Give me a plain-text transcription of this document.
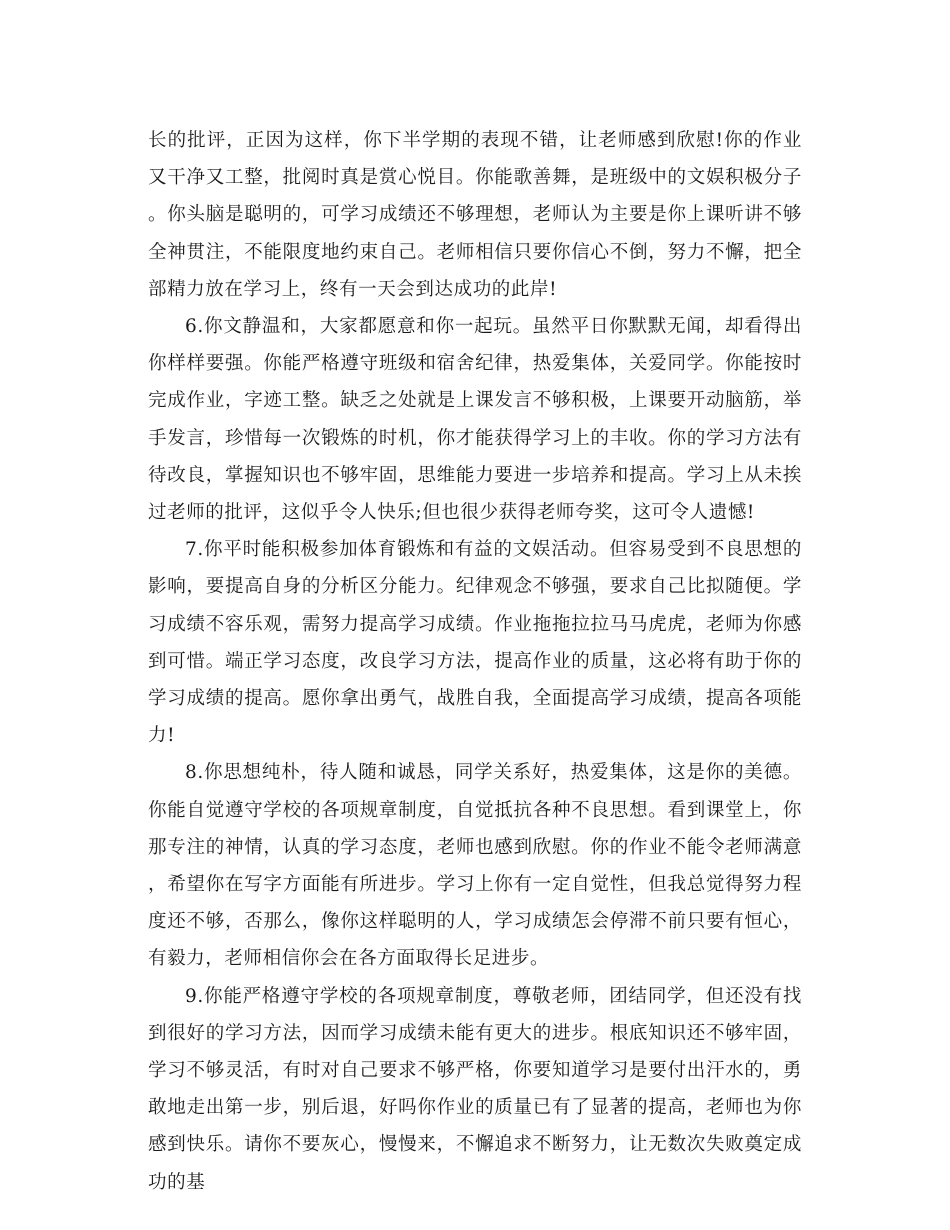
长的批评，正因为这样，你下半学期的表现不错，让老师感到欣慰!你的作业又干净又工整，批阅时真是赏心悦目。你能歌善舞，是班级中的文娱积极分子。你头脑是聪明的，可学习成绩还不够理想，老师认为主要是你上课听讲不够全神贯注，不能限度地约束自己。老师相信只要你信心不倒，努力不懈，把全部精力放在学习上，终有一天会到达成功的此岸!

6.你文静温和，大家都愿意和你一起玩。虽然平日你默默无闻，却看得出你样样要强。你能严格遵守班级和宿舍纪律，热爱集体，关爱同学。你能按时完成作业，字迹工整。缺乏之处就是上课发言不够积极，上课要开动脑筋，举手发言，珍惜每一次锻炼的时机，你才能获得学习上的丰收。你的学习方法有待改良，掌握知识也不够牢固，思维能力要进一步培养和提高。学习上从未挨过老师的批评，这似乎令人快乐;但也很少获得老师夸奖，这可令人遗憾!

7.你平时能积极参加体育锻炼和有益的文娱活动。但容易受到不良思想的影响，要提高自身的分析区分能力。纪律观念不够强，要求自己比拟随便。学习成绩不容乐观，需努力提高学习成绩。作业拖拖拉拉马马虎虎，老师为你感到可惜。端正学习态度，改良学习方法，提高作业的质量，这必将有助于你的学习成绩的提高。愿你拿出勇气，战胜自我，全面提高学习成绩，提高各项能力!

8.你思想纯朴，待人随和诚恳，同学关系好，热爱集体，这是你的美德。你能自觉遵守学校的各项规章制度，自觉抵抗各种不良思想。看到课堂上，你那专注的神情，认真的学习态度，老师也感到欣慰。你的作业不能令老师满意，希望你在写字方面能有所进步。学习上你有一定自觉性，但我总觉得努力程度还不够，否那么，像你这样聪明的人，学习成绩怎会停滞不前只要有恒心，有毅力，老师相信你会在各方面取得长足进步。

9.你能严格遵守学校的各项规章制度，尊敬老师，团结同学，但还没有找到很好的学习方法，因而学习成绩未能有更大的进步。根底知识还不够牢固，学习不够灵活，有时对自己要求不够严格，你要知道学习是要付出汗水的，勇敢地走出第一步，别后退，好吗你作业的质量已有了显著的提高，老师也为你感到快乐。请你不要灰心，慢慢来，不懈追求不断努力，让无数次失败奠定成功的基
